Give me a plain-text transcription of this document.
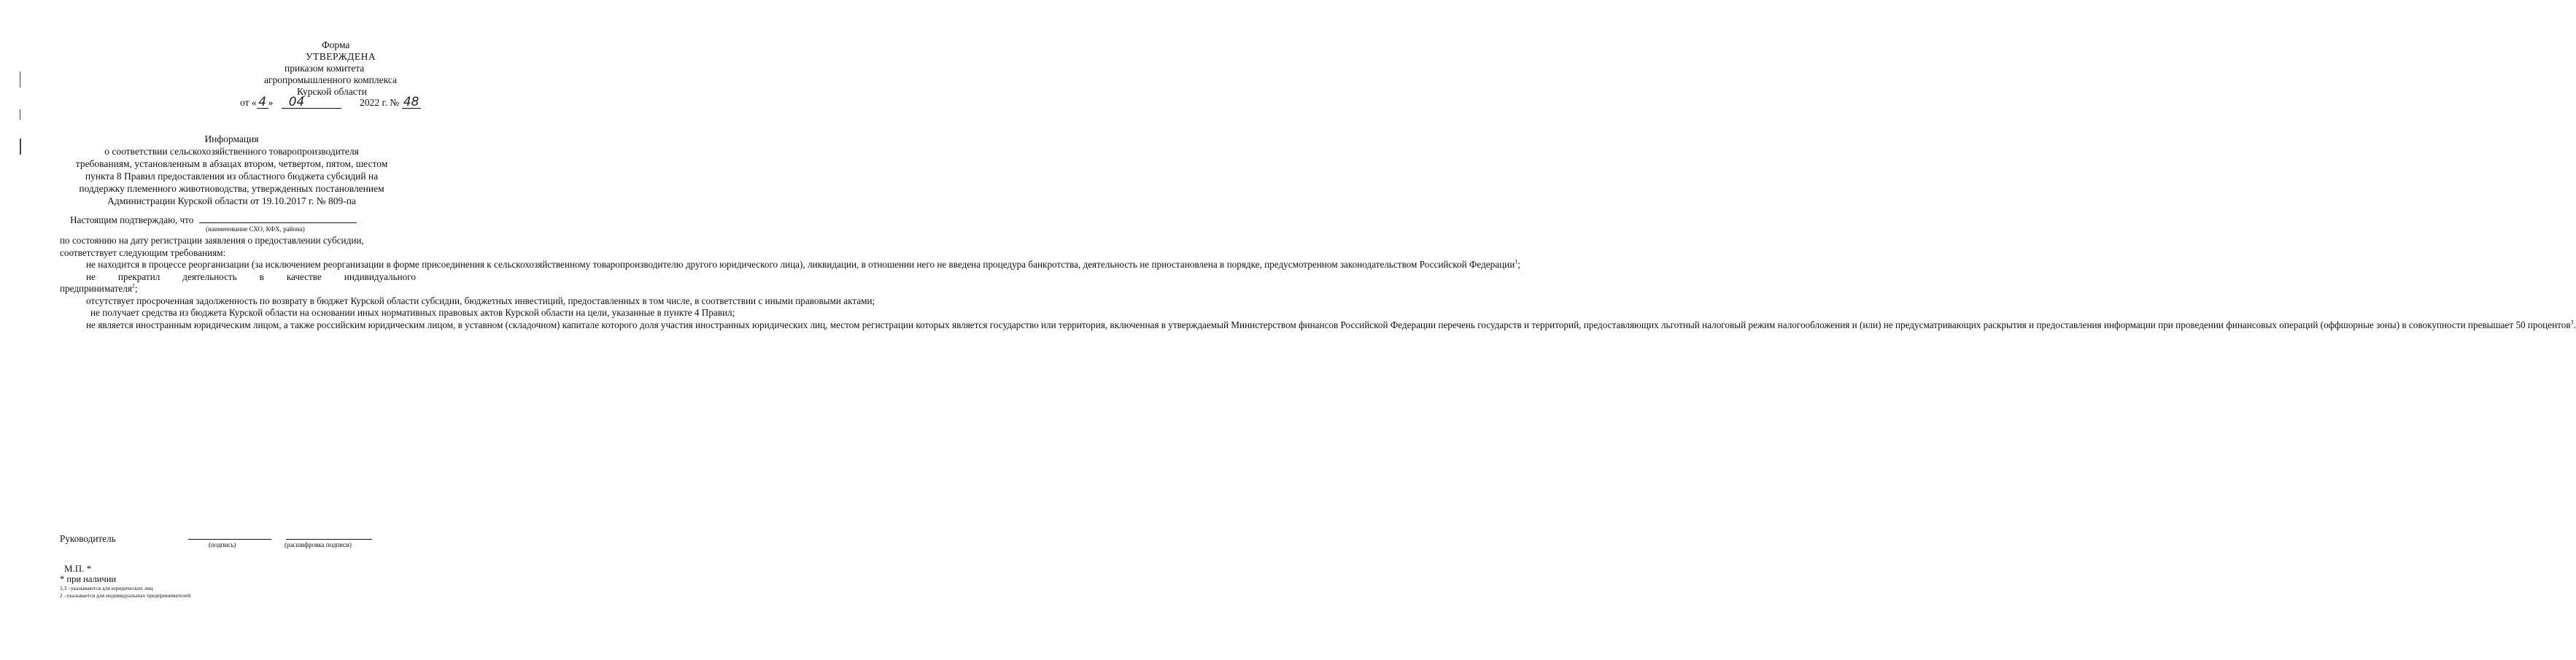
Форма
УТВЕРЖДЕНА
приказом комитета
агропромышленного комплекса
Курской области
от « 4 » 04	2022 г. № 48
Информация
о соответствии сельскохозяйственного товаропроизводителя
требованиям, установленным в абзацах втором, четвертом, пятом, шестом
пункта 8 Правил предоставления из областного бюджета субсидий на
поддержку племенного животноводства, утвержденных постановлением
Администрации Курской области от 19.10.2017 г. № 809-па
Настоящим подтверждаю, что
(наименование СХО, КФХ, района)

по состоянию на дату регистрации заявления о предоставлении субсидии,

соответствует следующим требованиям:

не находится в процессе реорганизации (за исключением реорганизации в форме присоединения к сельскохозяйственному товаропроизводителю другого юридического лица), ликвидации, в отношении него не введена процедура банкротства, деятельность не приостановлена в порядке, предусмотренном законодательством Российской Федерации$^1$;

не прекратил деятельность в качестве индивидуального

предпринимателя$^2$;

отсутствует просроченная задолженность по возврату в бюджет Курской области субсидии, бюджетных инвестиций, предоставленных в том числе, в соответствии с иными правовыми актами;

не получает средства из бюджета Курской области на основании иных нормативных правовых актов Курской области на цели, указанные в пункте 4 Правил;

не является иностранным юридическим лицом, а также российским юридическим лицом, в уставном (складочном) капитале которого доля участия иностранных юридических лиц, местом регистрации которых является государство или территория, включенная в утверждаемый Министерством финансов Российской Федерации перечень государств и территорий, предоставляющих льготный налоговый режим налогообложения и (или) не предусматривающих раскрытия и предоставления информации при проведении финансовых операций (оффшорные зоны) в совокупности превышает 50 процентов$^3$.

Руководитель
(подпись)	(расшифровка подписи)
М.П. *
* при наличии
1,3 –указываются для юридических лиц
2 –указывается для индивидуальных предпринимателей
